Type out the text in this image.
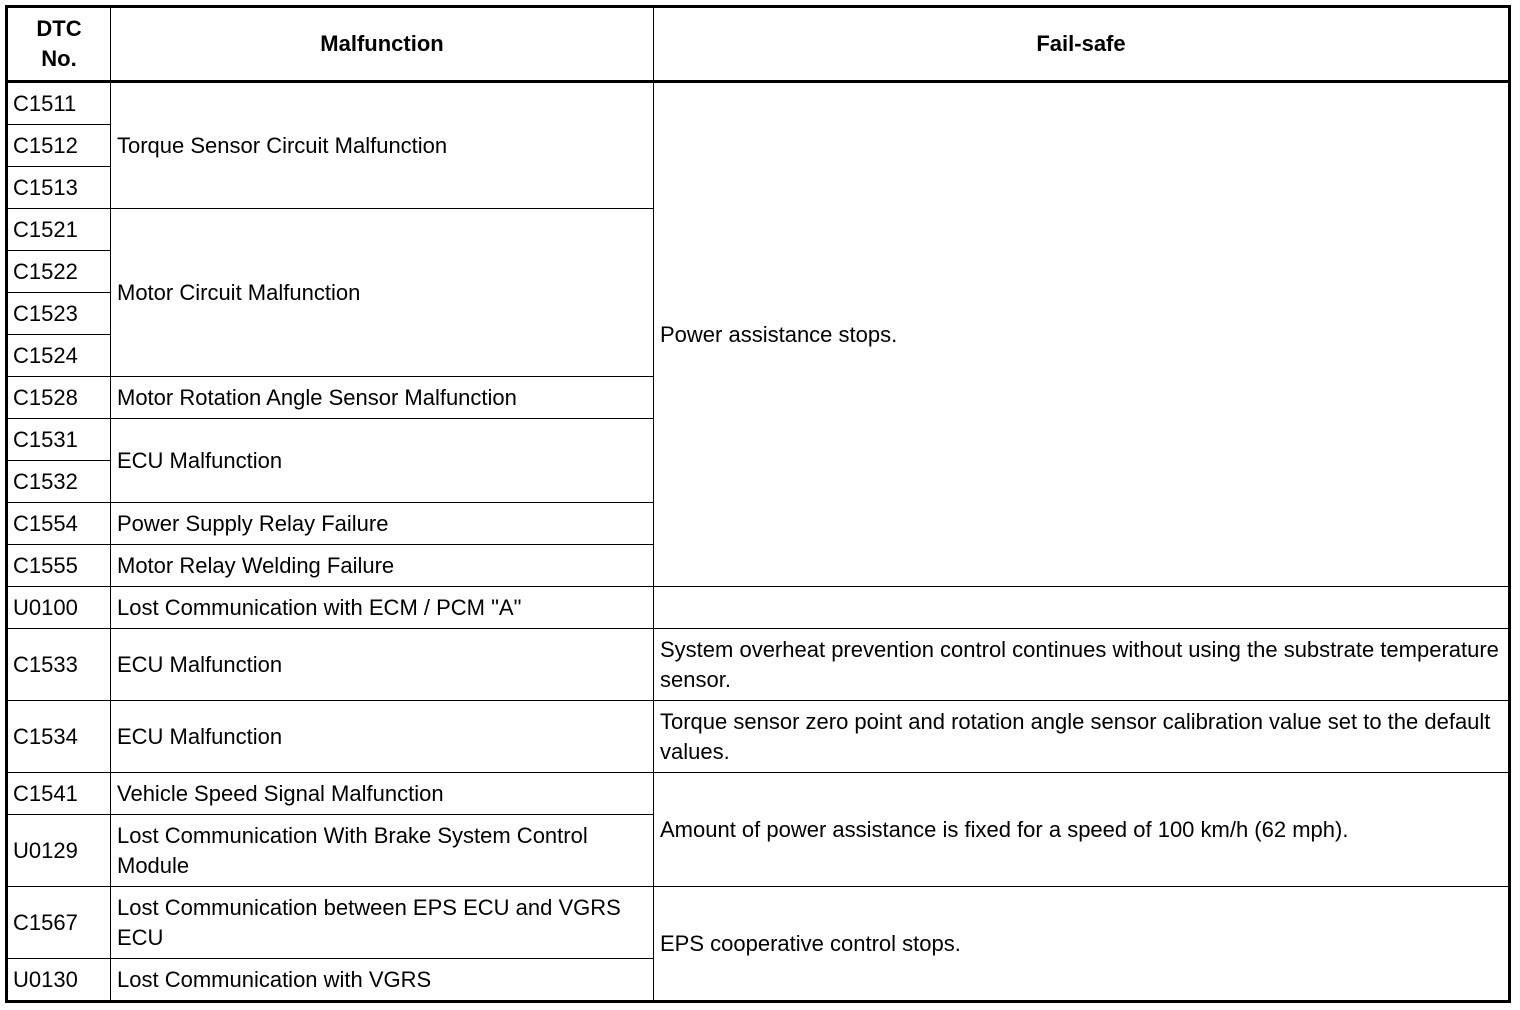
DTC
No.	Malfunction	Fail-safe
C1511	Torque Sensor Circuit Malfunction	Power assistance stops.
C1512		
C1513		
C1521	Motor Circuit Malfunction	
C1522		
C1523		
C1524		
C1528	Motor Rotation Angle Sensor Malfunction	
C1531	ECU Malfunction	
C1532		
C1554	Power Supply Relay Failure	
C1555	Motor Relay Welding Failure	
U0100	Lost Communication with ECM / PCM "A"	
C1533	ECU Malfunction	System overheat prevention control continues without using the substrate temperature sensor.
C1534	ECU Malfunction	Torque sensor zero point and rotation angle sensor calibration value set to the default values.
C1541	Vehicle Speed Signal Malfunction	Amount of power assistance is fixed for a speed of 100 km/h (62 mph).
U0129	Lost Communication With Brake System Control Module	
C1567	Lost Communication between EPS ECU and VGRS ECU	EPS cooperative control stops.
U0130	Lost Communication with VGRS	
